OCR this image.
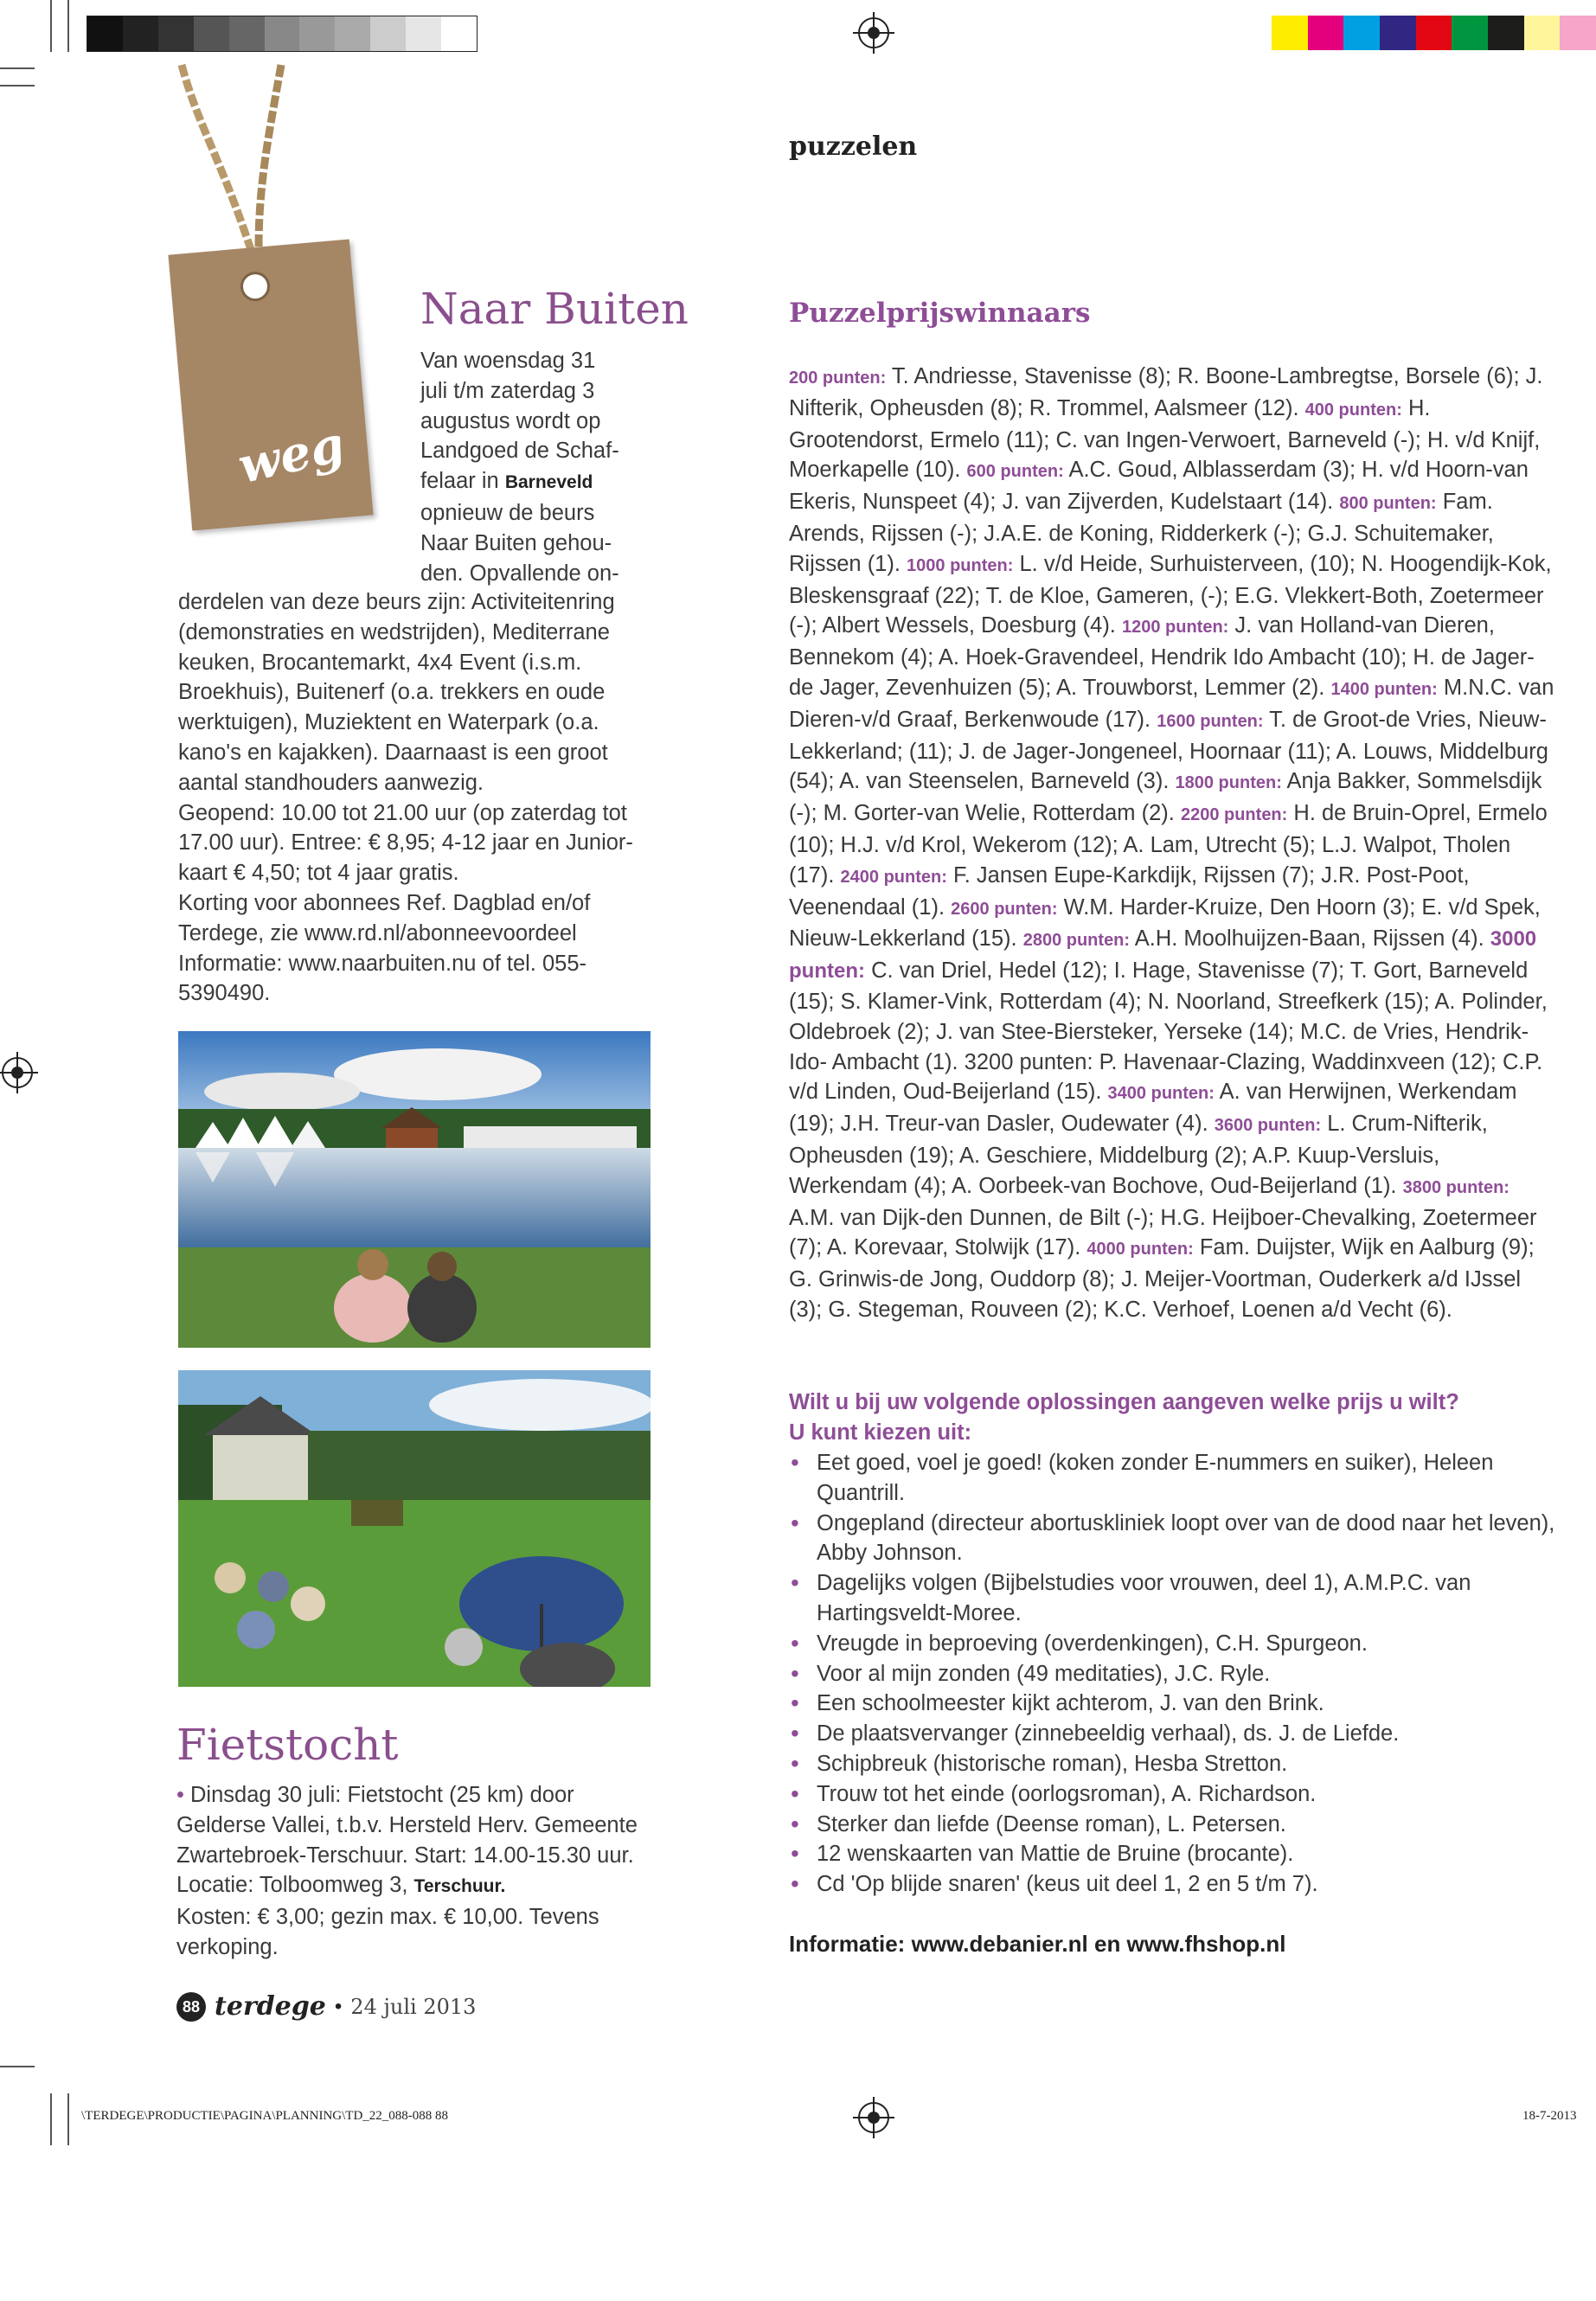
puzzelen
weg
Naar Buiten
Van woensdag 31
juli t/m zaterdag 3
augustus wordt op
Landgoed de Schaf-
felaar in Barneveld
opnieuw de beurs
Naar Buiten gehou-
den. Opvallende on-

derdelen van deze beurs zijn: Activiteitenring (demonstraties en wedstrijden), Mediterrane keuken, Brocantemarkt, 4x4 Event (i.s.m. Broekhuis), Buitenerf (o.a. trekkers en oude werktuigen), Muziektent en Waterpark (o.a. kano's en kajakken). Daarnaast is een groot aantal standhouders aanwezig.

Geopend: 10.00 tot 21.00 uur (op zaterdag tot 17.00 uur). Entree: € 8,95; 4-12 jaar en Junior-kaart € 4,50; tot 4 jaar gratis.

Korting voor abonnees Ref. Dagblad en/of Terdege, zie www.rd.nl/abonneevoordeel

Informatie: www.naarbuiten.nu of tel. 055-5390490.

Fietstocht

• Dinsdag 30 juli: Fietstocht (25 km) door Gelderse Vallei, t.b.v. Hersteld Herv. Gemeente Zwartebroek-Terschuur. Start: 14.00-15.30 uur. Locatie: Tolboomweg 3, Terschuur.

Kosten: € 3,00; gezin max. € 10,00. Tevens verkoping.

88 terdege • 24 juli 2013
\TERDEGE\PRODUCTIE\PAGINA\PLANNING\TD_22_088-088 88	18-7-2013
Puzzelprijswinnaars
200 punten: T. Andriesse, Stavenisse (8); R. Boone-Lambregtse, Borsele (6); J. Nifterik, Opheusden (8); R. Trommel, Aalsmeer (12). 400 punten: H. Grootendorst, Ermelo (11); C. van Ingen-Verwoert, Barneveld (-); H. v/d Knijf, Moerkapelle (10). 600 punten: A.C. Goud, Alblasserdam (3); H. v/d Hoorn-van Ekeris, Nunspeet (4); J. van Zijverden, Kudelstaart (14). 800 punten: Fam. Arends, Rijssen (-); J.A.E. de Koning, Ridderkerk (-); G.J. Schuitemaker, Rijssen (1). 1000 punten: L. v/d Heide, Surhuisterveen, (10); N. Hoogendijk-Kok, Bleskensgraaf (22); T. de Kloe, Gameren, (-); E.G. Vlekkert-Both, Zoetermeer (-); Albert Wessels, Doesburg (4). 1200 punten: J. van Holland-van Dieren, Bennekom (4); A. Hoek-Gravendeel, Hendrik Ido Ambacht (10); H. de Jager-de Jager, Zevenhuizen (5); A. Trouwborst, Lemmer (2). 1400 punten: M.N.C. van Dieren-v/d Graaf, Berkenwoude (17). 1600 punten: T. de Groot-de Vries, Nieuw-Lekkerland; (11); J. de Jager-Jongeneel, Hoornaar (11); A. Louws, Middelburg (54); A. van Steenselen, Barneveld (3). 1800 punten: Anja Bakker, Sommelsdijk (-); M. Gorter-van Welie, Rotterdam (2). 2200 punten: H. de Bruin-Oprel, Ermelo (10); H.J. v/d Krol, Wekerom (12); A. Lam, Utrecht (5); L.J. Walpot, Tholen (17). 2400 punten: F. Jansen Eupe-Karkdijk, Rijssen (7); J.R. Post-Poot, Veenendaal (1). 2600 punten: W.M. Harder-Kruize, Den Hoorn (3); E. v/d Spek, Nieuw-Lekkerland (15). 2800 punten: A.H. Moolhuijzen-Baan, Rijssen (4). 3000 punten: C. van Driel, Hedel (12); I. Hage, Stavenisse (7); T. Gort, Barneveld (15); S. Klamer-Vink, Rotterdam (4); N. Noorland, Streefkerk (15); A. Polinder, Oldebroek (2); J. van Stee-Biersteker, Yerseke (14); M.C. de Vries, Hendrik-Ido- Ambacht (1). 3200 punten: P. Havenaar-Clazing, Waddinxveen (12); C.P. v/d Linden, Oud-Beijerland (15). 3400 punten: A. van Herwijnen, Werkendam (19); J.H. Treur-van Dasler, Oudewater (4). 3600 punten: L. Crum-Nifterik, Opheusden (19); A. Geschiere, Middelburg (2); A.P. Kuup-Versluis, Werkendam (4); A. Oorbeek-van Bochove, Oud-Beijerland (1). 3800 punten: A.M. van Dijk-den Dunnen, de Bilt (-); H.G. Heijboer-Chevalking, Zoetermeer (7); A. Korevaar, Stolwijk (17). 4000 punten: Fam. Duijster, Wijk en Aalburg (9); G. Grinwis-de Jong, Ouddorp (8); J. Meijer-Voortman, Ouderkerk a/d IJssel (3); G. Stegeman, Rouveen (2); K.C. Verhoef, Loenen a/d Vecht (6).
Wilt u bij uw volgende oplossingen aangeven welke prijs u wilt?
U kunt kiezen uit:
• Eet goed, voel je goed! (koken zonder E-nummers en suiker), Heleen Quantrill.
• Ongepland (directeur abortuskliniek loopt over van de dood naar het leven), Abby Johnson.
• Dagelijks volgen (Bijbelstudies voor vrouwen, deel 1), A.M.P.C. van Hartingsveldt-Moree.
• Vreugde in beproeving (overdenkingen), C.H. Spurgeon.
• Voor al mijn zonden (49 meditaties), J.C. Ryle.
• Een schoolmeester kijkt achterom, J. van den Brink.
• De plaatsvervanger (zinnebeeldig verhaal), ds. J. de Liefde.
• Schipbreuk (historische roman), Hesba Stretton.
• Trouw tot het einde (oorlogsroman), A. Richardson.
• Sterker dan liefde (Deense roman), L. Petersen.
• 12 wenskaarten van Mattie de Bruine (brocante).
• Cd 'Op blijde snaren' (keus uit deel 1, 2 en 5 t/m 7).
Informatie: www.debanier.nl en www.fhshop.nl
